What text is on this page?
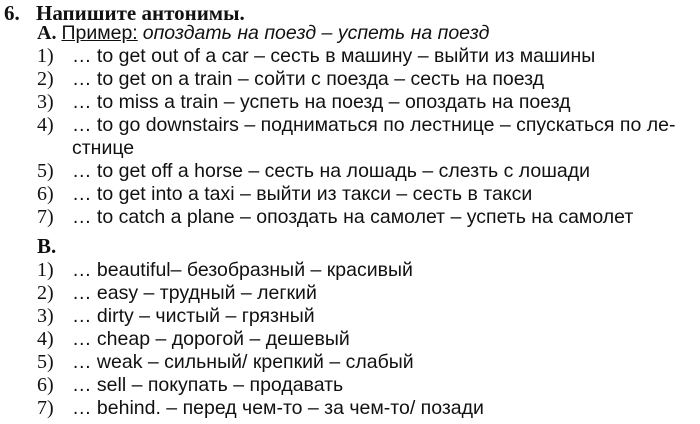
6. Напишите антонимы.
А. Пример: опоздать на поезд – успеть на поезд
1) … to get out of a car – сесть в машину – выйти из машины
2) … to get on a train – сойти с поезда – сесть на поезд
3) … to miss a train – успеть на поезд – опоздать на поезд
4) … to go downstairs – подниматься по лестнице – спускаться по ле-
стнице
5) … to get off a horse – сесть на лошадь – слезть с лошади
6) … to get into a taxi – выйти из такси – сесть в такси
7) … to catch a plane – опоздать на самолет – успеть на самолет
В.
1) … beautiful– безобразный – красивый
2) … easy – трудный – легкий
3) … dirty – чистый – грязный
4) … cheap – дорогой – дешевый
5) … weak – сильный/ крепкий – слабый
6) … sell – покупать – продавать
7) … behind. – перед чем-то – за чем-то/ позади
